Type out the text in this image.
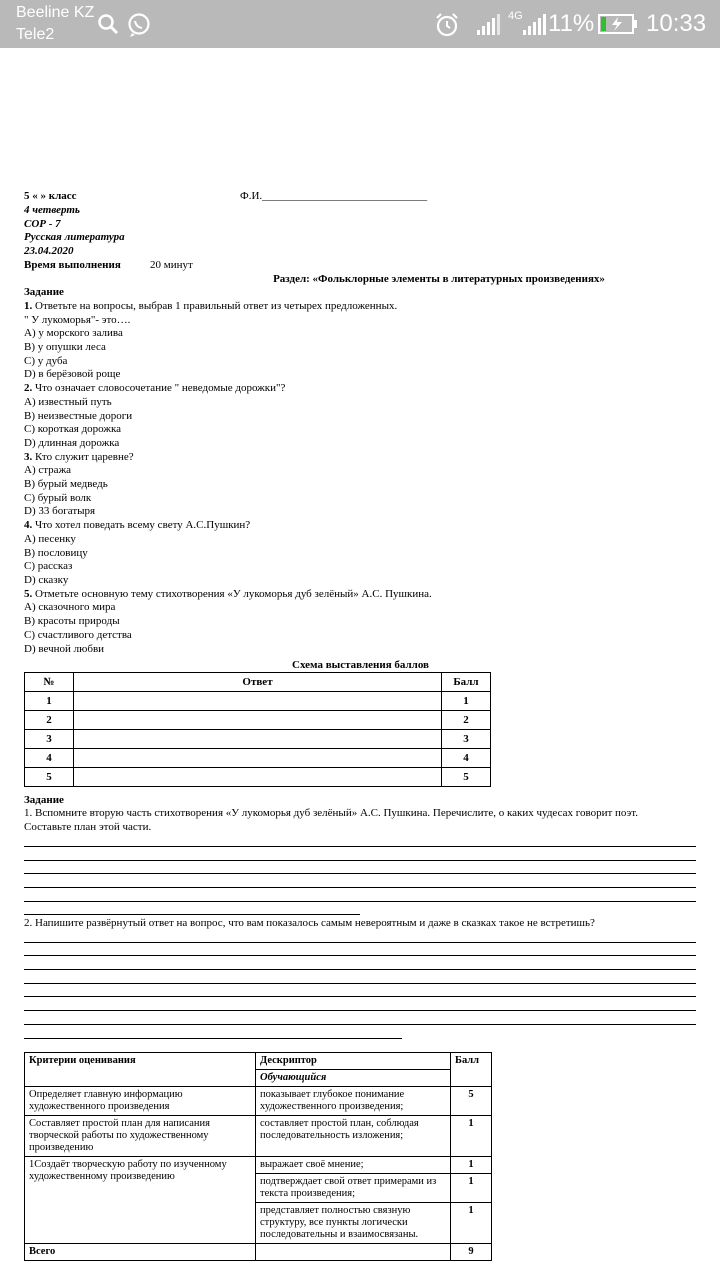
Beeline KZ
Tele2
4G 11% 10:33
5 « » класс	Ф.И.______________________________
4 четверть
СОР - 7
Русская литература
23.04.2020
Время выполнения	20 минут
Раздел: «Фольклорные элементы в литературных произведениях»
Задание
1. Ответьте на вопросы, выбрав 1 правильный ответ из четырех предложенных.
" У лукоморья"- это….
А) у морского залива
В) у опушки леса
С) у дуба
D) в берёзовой роще
2. Что означает словосочетание " неведомые дорожки"?
А) известный путь
В) неизвестные дороги
С) короткая дорожка
D) длинная дорожка
3. Кто служит царевне?
А) стража
В) бурый медведь
С) бурый волк
D) 33 богатыря
4. Что хотел поведать всему свету А.С.Пушкин?
А) песенку
В) пословицу
С) рассказ
D) сказку
5. Отметьте основную тему стихотворения «У лукоморья дуб зелёный» А.С. Пушкина.
А) сказочного мира
В) красоты природы
С) счастливого детства
D) вечной любви
Схема выставления баллов
№	Ответ	Балл
1		1
2		2
3		3
4		4
5		5
Задание
1. Вспомните вторую часть стихотворения «У лукоморья дуб зелёный» А.С. Пушкина. Перечислите, о каких чудесах говорит поэт.
Составьте план этой части.
2. Напишите развёрнутый ответ на вопрос, что вам показалось самым невероятным и даже в сказках такое не встретишь?
Критерии оценивания	Дескриптор	Балл
	Обучающийся	
Определяет главную информацию художественного произведения	показывает глубокое понимание художественного произведения;	5
Составляет простой план для написания творческой работы по художественному произведению	составляет простой план, соблюдая последовательность изложения;	1
1Создаёт творческую работу по изученному художественному произведению	выражает своё мнение;	1
	подтверждает свой ответ примерами из текста произведения;	1
	представляет полностью связную структуру, все пункты логически последовательны и взаимосвязаны.	1
Всего		9
